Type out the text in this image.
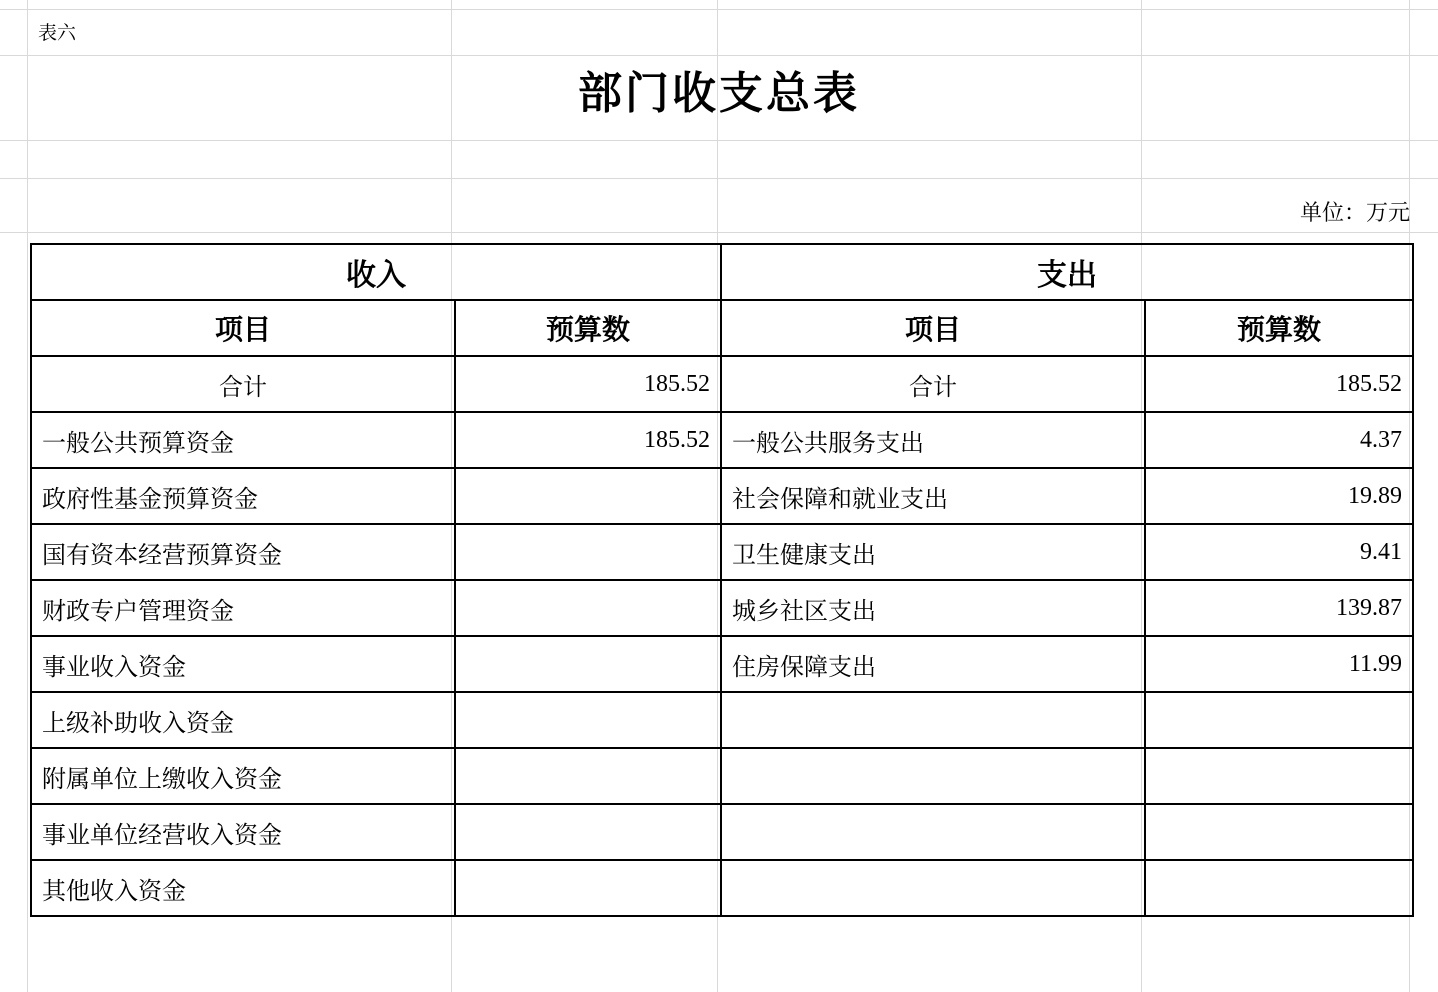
表六
部门收支总表
单位：万元
收入		支出	
项目	预算数	项目	预算数
合计	185.52	合计	185.52
一般公共预算资金	185.52	一般公共服务支出	4.37
政府性基金预算资金		社会保障和就业支出	19.89
国有资本经营预算资金		卫生健康支出	9.41
财政专户管理资金		城乡社区支出	139.87
事业收入资金		住房保障支出	11.99
上级补助收入资金			
附属单位上缴收入资金			
事业单位经营收入资金			
其他收入资金			
